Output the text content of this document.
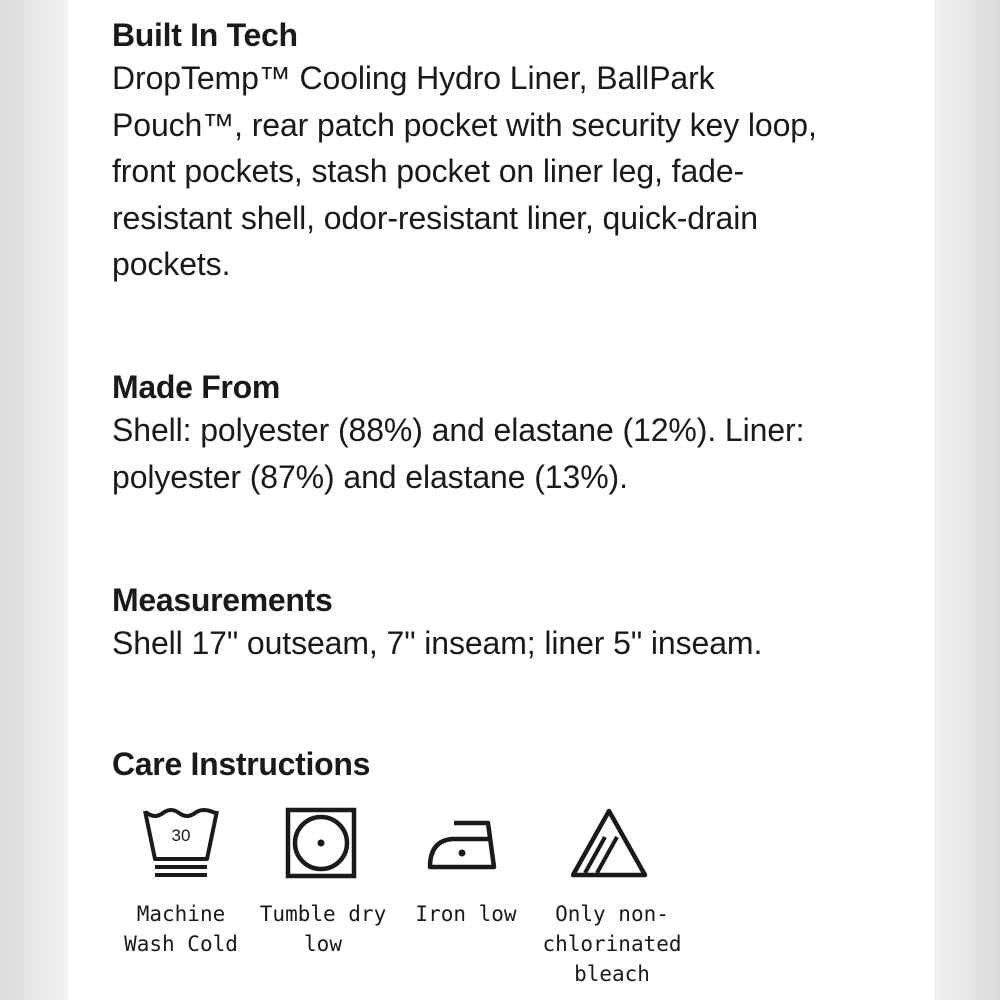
Built In Tech
DropTemp™ Cooling Hydro Liner, BallPark
Pouch™, rear patch pocket with security key loop,
front pockets, stash pocket on liner leg, fade-
resistant shell, odor-resistant liner, quick-drain
pockets.
Made From
Shell: polyester (88%) and elastane (12%). Liner:
polyester (87%) and elastane (13%).
Measurements
Shell 17" outseam, 7" inseam; liner 5" inseam.
Care Instructions
30
Machine
Wash Cold
Tumble dry
low
Iron low	Only non-
chlorinated
bleach
